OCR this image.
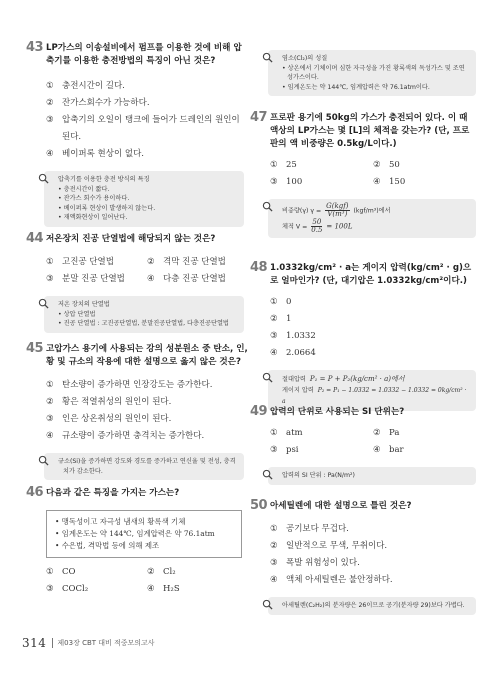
43 LP가스의 이송설비에서 펌프를 이용한 것에 비해 압축기를 이용한 충전방법의 특징이 아닌 것은?
① 충전시간이 길다.
② 잔가스회수가 가능하다.
③ 압축기의 오일이 탱크에 들어가 드레인의 원인이 된다.
④ 베이퍼록 현상이 없다.
압축기를 이용한 충전 방식의 특징
• 충전시간이 짧다.
• 잔가스 회수가 용이하다.
• 베이퍼록 현상이 발생하지 않는다.
• 재액화현상이 일어난다.
44 저온장치 진공 단열법에 해당되지 않는 것은?
① 고진공 단열법	② 격막 진공 단열법
③ 분말 진공 단열법	④ 다층 진공 단열법
저온 장치의 단열법
• 상압 단열법
• 진공 단열법 : 고진공단열법, 분말진공단열법, 다층진공단열법
45 고압가스 용기에 사용되는 강의 성분원소 중 탄소, 인, 황 및 규소의 작용에 대한 설명으로 옳지 않은 것은?
① 탄소량이 증가하면 인장강도는 증가한다.
② 황은 적열취성의 원인이 된다.
③ 인은 상온취성의 원인이 된다.
④ 규소량이 증가하면 충격치는 증가한다.
규소(Si)을 증가하면 강도와 경도를 증가하고 연신율 및 전성, 충격치가 감소한다.
46 다음과 같은 특징을 가지는 가스는?
• 맹독성이고 자극성 냄새의 황록색 기체
• 임계온도는 약 144℃, 임계압력은 약 76.1atm
• 수은법, 격막법 등에 의해 제조
① CO	② Cl₂
③ COCl₂	④ H₂S
염소(Cl₂)의 성질
• 상온에서 기체이며 심한 자극성을 가진 황록색의 독성가스 및 조연성가스이다.
• 임계온도는 약 144℃, 임계압력은 약 76.1atm이다.
47 프로판 용기에 50kg의 가스가 충전되어 있다. 이 때 액상의 LP가스는 몇 [L]의 체적을 갖는가? (단, 프로판의 액 비중량은 0.5kg/L이다.)
① 25	② 50
③ 100	④ 150
비중량(γ) $\gamma = \frac{\text{G(kgf)}}{\text{V(m³)}} (kgf/m^3)$에서
체적 $V = \frac{50}{0.5} = 100L$
48 1.0332kg/cm² · a는 게이지 압력(kg/cm² · g)으로 얼마인가? (단, 대기압은 1.0332kg/cm²이다.)
① 0
② 1
③ 1.0332
④ 2.0664
절대압력 P₁ = P + P₂(kg/cm² · a)에서
게이지 압력 P₂ = P₁ − 1.0332 = 1.0332 − 1.0332 = 0kg/cm² · a
49 압력의 단위로 사용되는 SI 단위는?
① atm	② Pa
③ psi	④ bar
압력의 SI 단위 : Pa(N/m²)
50 아세틸렌에 대한 설명으로 틀린 것은?
① 공기보다 무겁다.
② 일반적으로 무색, 무취이다.
③ 폭발 위험성이 있다.
④ 액체 아세틸렌은 불안정하다.
아세틸렌(C₂H₂)의 분자량은 26이므로 공기(분자량 29)보다 가볍다.
314 제03장 CBT 대비 적중모의고사
